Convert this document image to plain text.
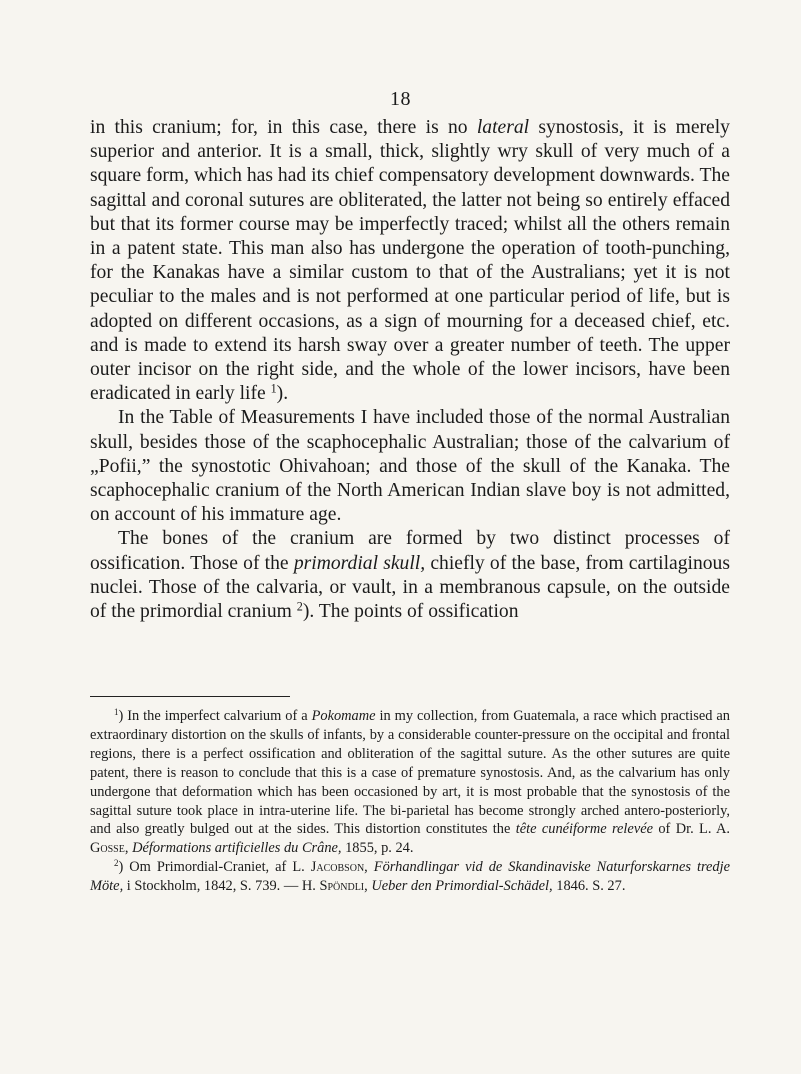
18

in this cranium; for, in this case, there is no lateral synostosis, it is merely superior and anterior. It is a small, thick, slightly wry skull of very much of a square form, which has had its chief compensatory development downwards. The sagittal and coronal sutures are obliterated, the latter not being so entirely effaced but that its former course may be imperfectly traced; whilst all the others remain in a patent state. This man also has undergone the operation of tooth-punching, for the Kanakas have a similar custom to that of the Australians; yet it is not peculiar to the males and is not performed at one particular period of life, but is adopted on different occasions, as a sign of mourning for a deceased chief, etc. and is made to extend its harsh sway over a greater number of teeth. The upper outer incisor on the right side, and the whole of the lower incisors, have been eradicated in early life $^1$).

In the Table of Measurements I have included those of the normal Australian skull, besides those of the scaphocephalic Australian; those of the calvarium of „Pofii,” the synostotic Ohivahoan; and those of the skull of the Kanaka. The scaphocephalic cranium of the North American Indian slave boy is not admitted, on account of his immature age.

The bones of the cranium are formed by two distinct processes of ossification. Those of the primordial skull, chiefly of the base, from cartilaginous nuclei. Those of the calvaria, or vault, in a membranous capsule, on the outside of the primordial cranium $^2$). The points of ossification

$^1$) In the imperfect calvarium of a Pokomame in my collection, from Guatemala, a race which practised an extraordinary distortion on the skulls of infants, by a considerable counter-pressure on the occipital and frontal regions, there is a perfect ossification and obliteration of the sagittal suture. As the other sutures are quite patent, there is reason to conclude that this is a case of premature synostosis. And, as the calvarium has only undergone that deformation which has been occasioned by art, it is most probable that the synostosis of the sagittal suture took place in intra-uterine life. The bi-parietal has become strongly arched antero-posteriorly, and also greatly bulged out at the sides. This distortion constitutes the tête cunéiforme relevée of Dr. L. A. Gosse, Déformations artificielles du Crâne, 1855, p. 24.

$^2$) Om Primordial-Craniet, af L. Jacobson, Förhandlingar vid de Skandinaviske Naturforskarnes tredje Möte, i Stockholm, 1842, S. 739. — H. Spöndli, Ueber den Primordial-Schädel, 1846. S. 27.
